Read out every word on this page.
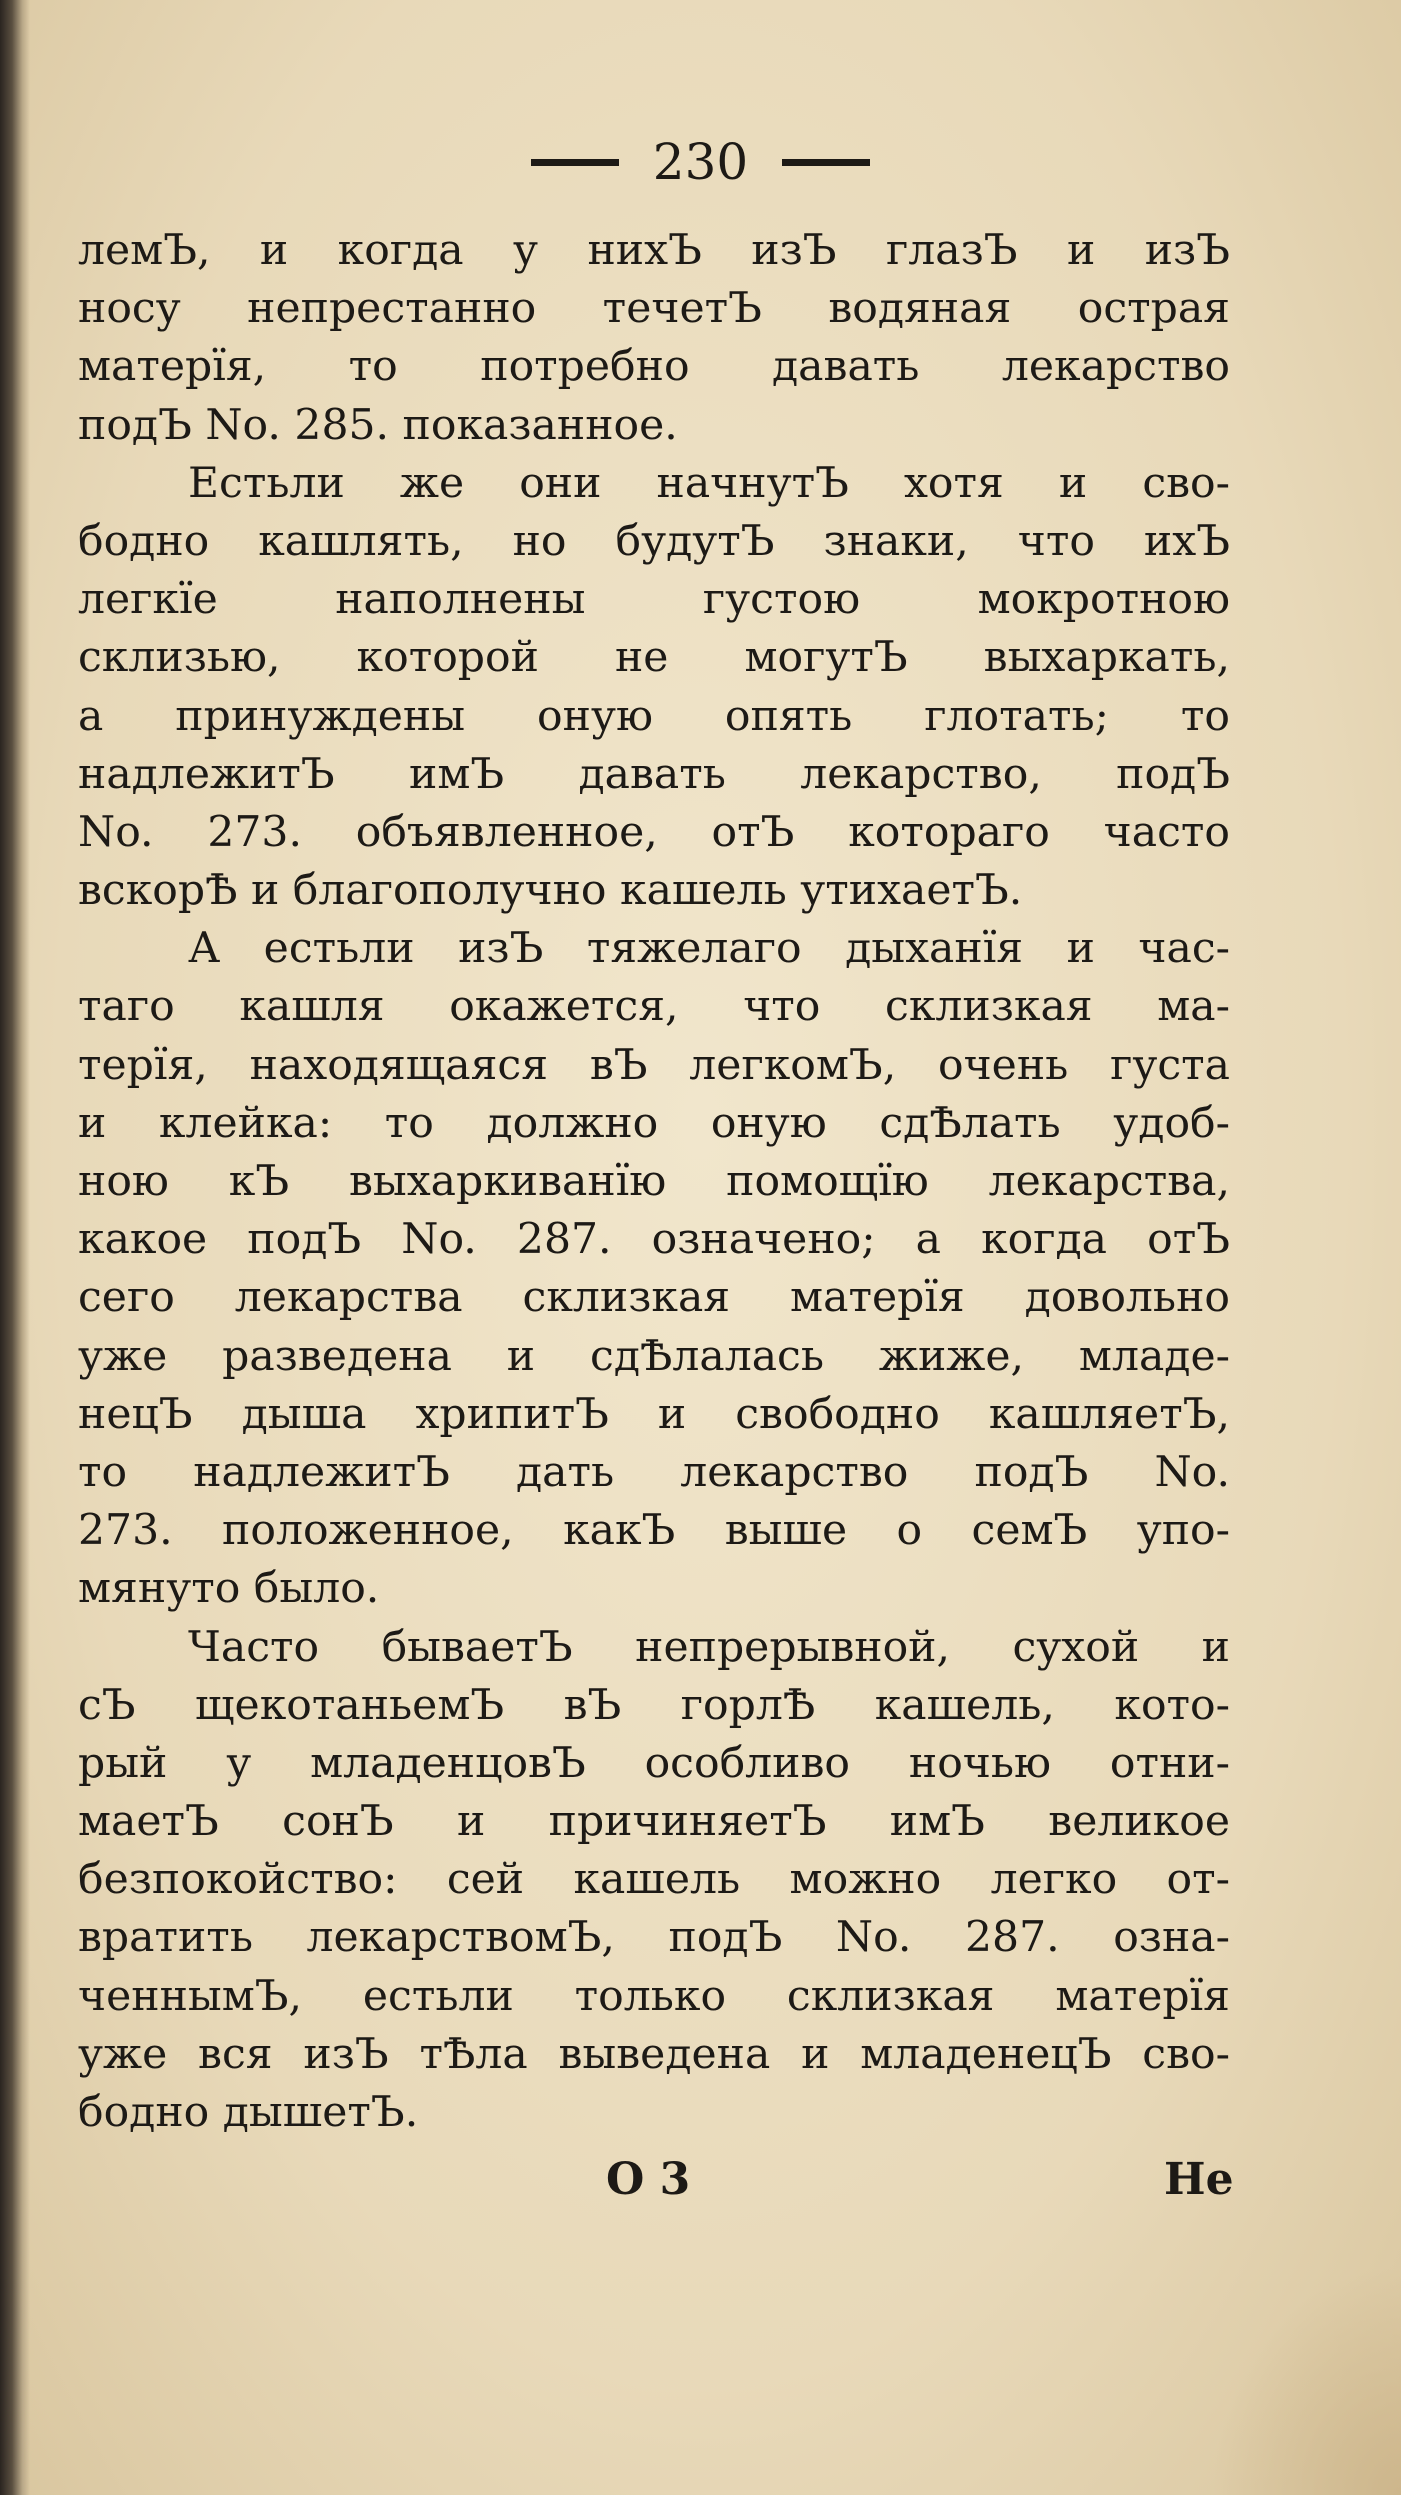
230
лемЪ, и когда у нихЪ изЪ глазЪ и изЪ
носу непрестанно течетЪ водяная острая
матерїя, то потребно давать лекарство
подЪ No. 285. показанное.
Естьли же они начнутЪ хотя и сво-
бодно кашлять, но будутЪ знаки, что ихЪ
легкїе наполнены густою мокротною
склизью, которой не могутЪ выхаркать,
а принуждены оную опять глотать; то
надлежитЪ имЪ давать лекарство, подЪ
No. 273. объявленное, отЪ котораго часто
вскорѢ и благополучно кашель утихаетЪ.
А естьли изЪ тяжелаго дыханїя и час-
таго кашля окажется, что склизкая ма-
терїя, находящаяся вЪ легкомЪ, очень густа
и клейка: то должно оную сдѢлать удоб-
ною кЪ выхаркиванїю помощїю лекарства,
какое подЪ No. 287. означено; а когда отЪ
сего лекарства склизкая матерїя довольно
уже разведена и сдѢлалась жиже, младе-
нецЪ дыша хрипитЪ и свободно кашляетЪ,
то надлежитЪ дать лекарство подЪ No.
273. положенное, какЪ выше о семЪ упо-
мянуто было.
Часто бываетЪ непрерывной, сухой и
сЪ щекотаньемЪ вЪ горлѢ кашель, кото-
рый у младенцовЪ особливо ночью отни-
маетЪ сонЪ и причиняетЪ имЪ великое
безпокойство: сей кашель можно легко от-
вратить лекарствомЪ, подЪ No. 287. озна-
ченнымЪ, естьли только склизкая матерїя
уже вся изЪ тѢла выведена и младенецЪ сво-
бодно дышетЪ.
O 3	Не
